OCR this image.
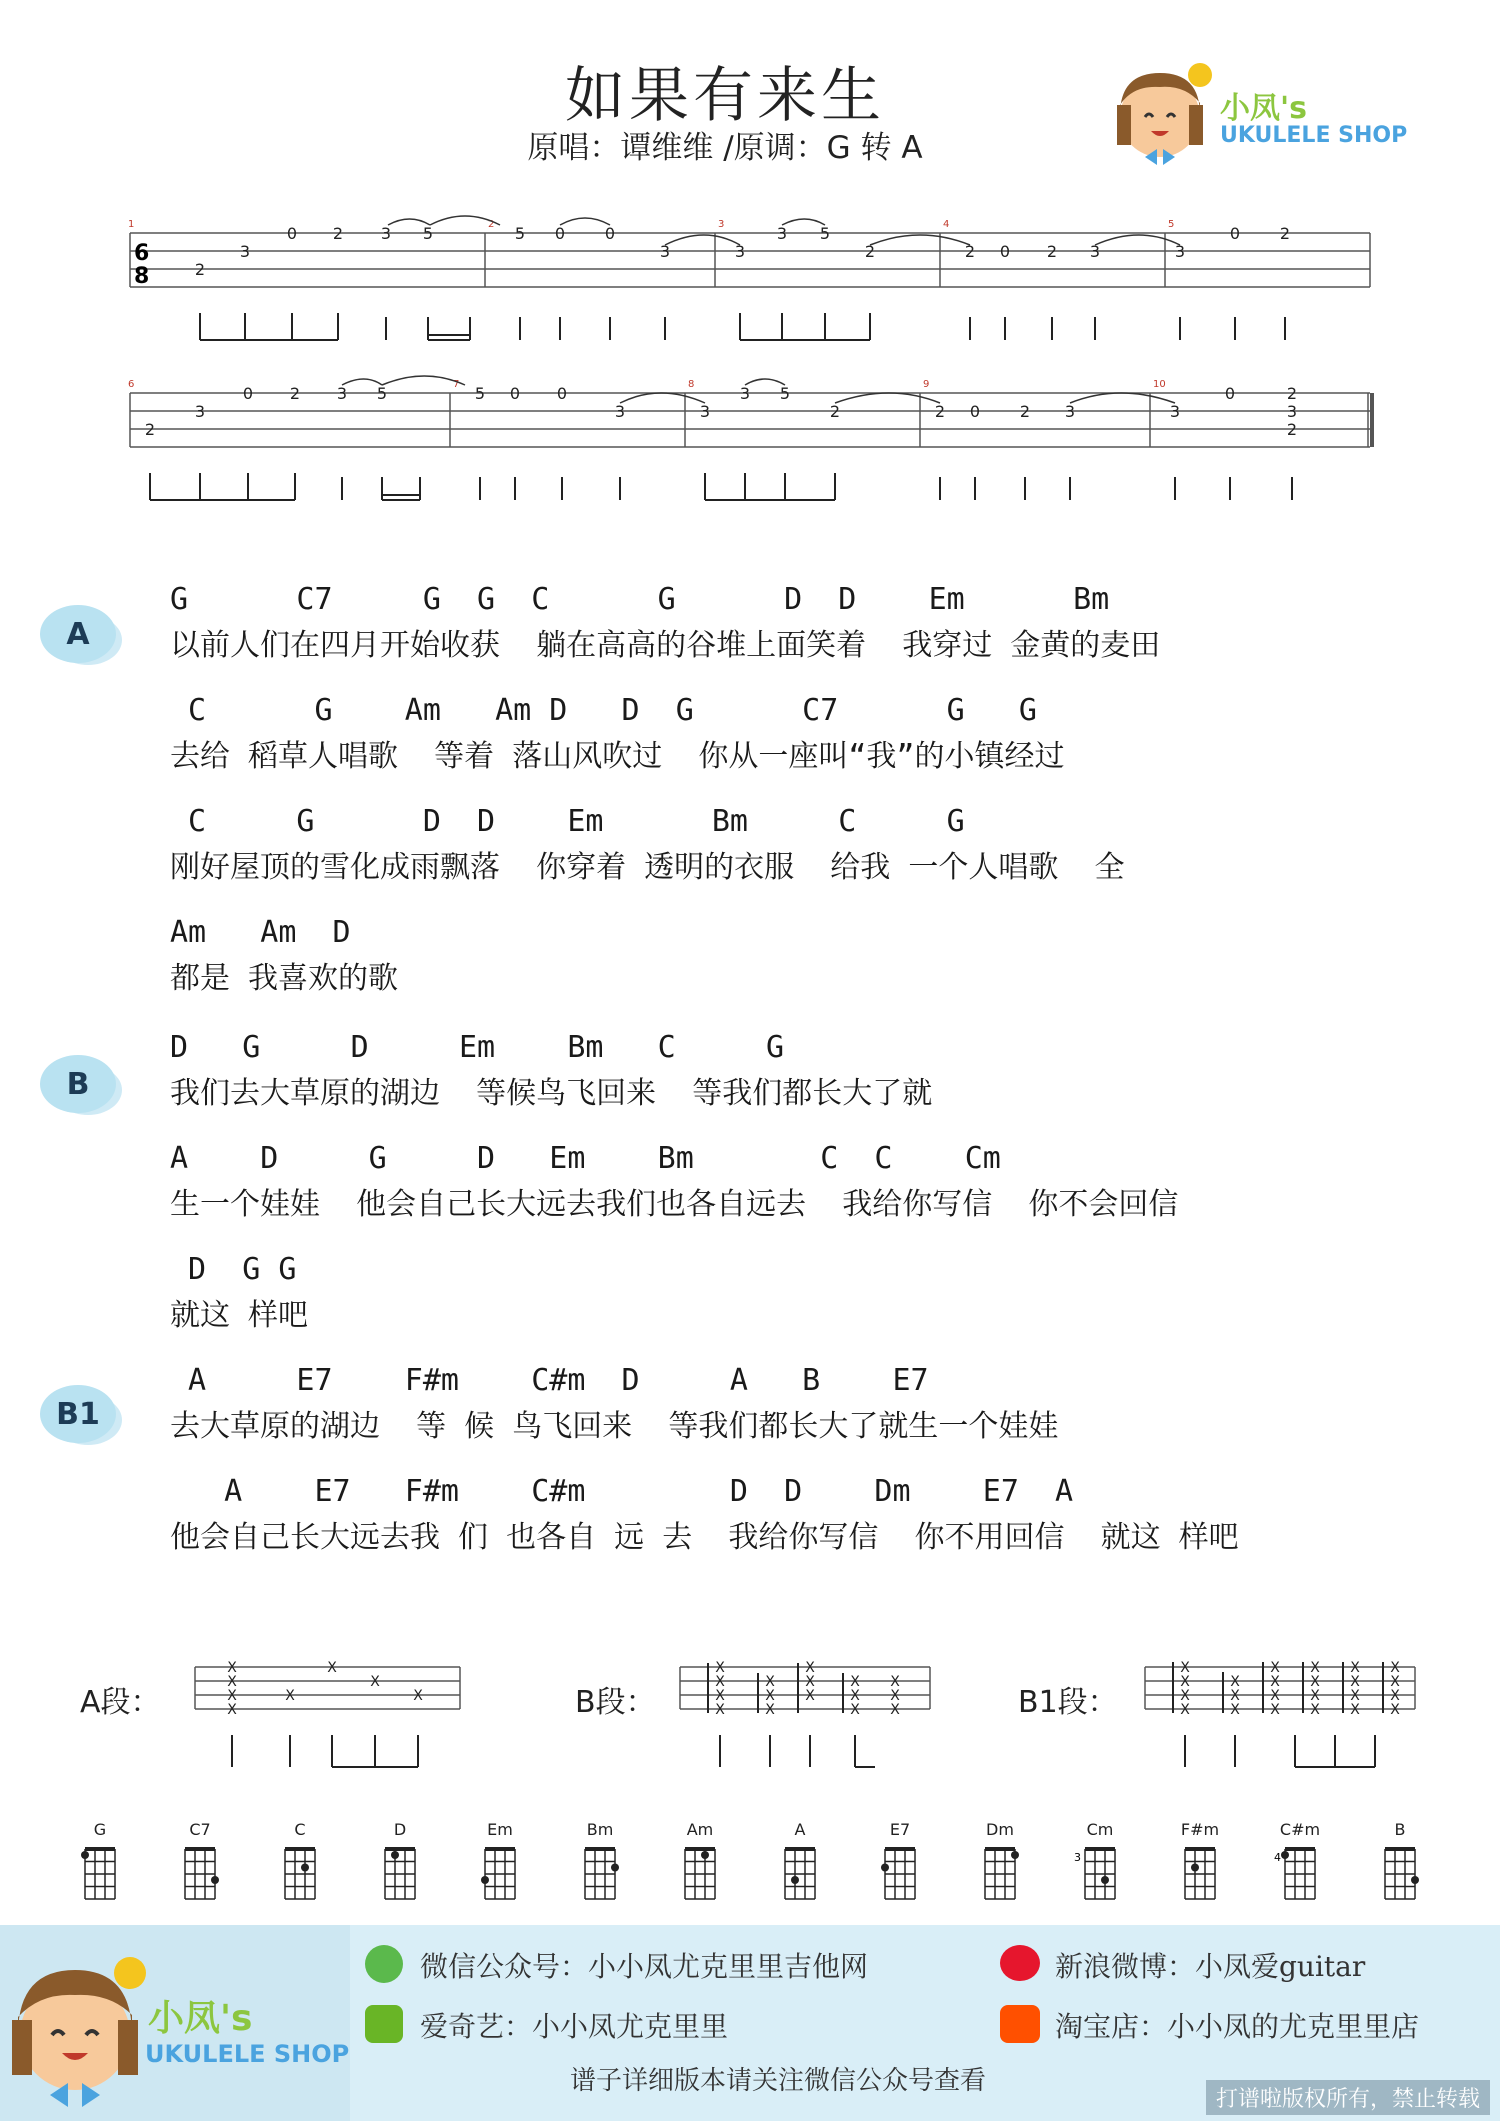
如果有来生
原唱：谭维维 /原调：G 转 A
小凤's
UKULELE SHOP
6
8
1	2	3	4	5
6	7	8	9	10
2
3
0 2 3 5	5 0 0
3	3
3 5
2	2 0 2 3	3
0 2
2
3
0 2 3 5	5 0 0
3	3
3 5
2	2 0 2 3	3
0	2
3
2
A
G      C7     G  G  C      G      D  D    Em      Bm
以前人们在四月开始收获  躺在高高的谷堆上面笑着  我穿过 金黄的麦田
C      G    Am   Am D   D  G      C7      G   G
去给 稻草人唱歌  等着 落山风吹过  你从一座叫“我”的小镇经过
C     G      D  D    Em      Bm     C     G
刚好屋顶的雪化成雨飘落  你穿着 透明的衣服  给我 一个人唱歌  全
Am   Am  D
都是 我喜欢的歌
B
D   G     D     Em    Bm   C     G
我们去大草原的湖边  等候鸟飞回来  等我们都长大了就
A    D     G     D   Em    Bm       C  C    Cm
生一个娃娃  他会自己长大远去我们也各自远去  我给你写信  你不会回信
D  G G
就这 样吧
B1
A     E7    F#m    C#m  D     A   B    E7
去大草原的湖边  等 候 鸟飞回来  等我们都长大了就生一个娃娃
A    E7   F#m    C#m        D  D    Dm    E7  A
他会自己长大远去我 们 也各自 远 去  我给你写信  你不用回信  就这 样吧
A段：
X
X
X
X
X
X
X
X	B段：
X
X
X
X
X
X
X
X
X
X
X
X
X
X
X
X	B1段：
X
X
X
X
X
X
X
X
X
X
X
X
X
X
X
X
X
X
X
X
X
X
X
G	C7	C	D	Em	Bm	Am	A	E7	Dm	Cm
3
F#m	C#m
4
B
小凤's
UKULELE SHOP
微信公众号：小小凤尤克里里吉他网	新浪微博：小凤爱guitar
爱奇艺：小小凤尤克里里	淘宝店：小小凤的尤克里里店
谱子详细版本请关注微信公众号查看
打谱啦版权所有，禁止转载
